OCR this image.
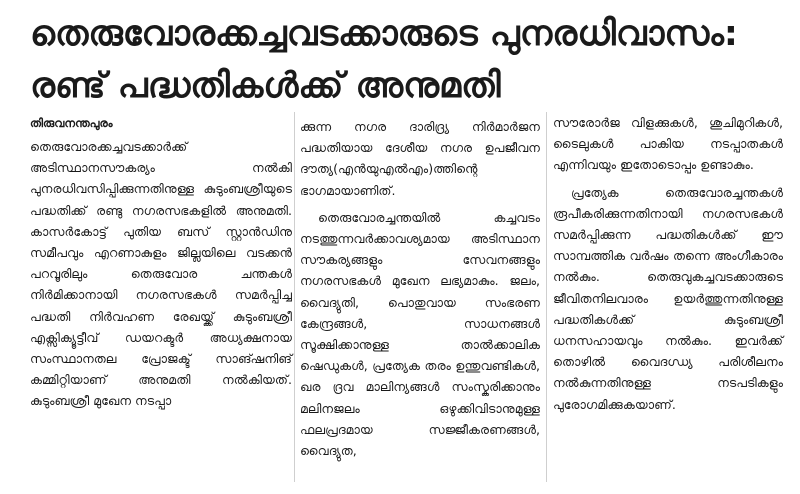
തെരുവോരക്കച്ചവടക്കാരുടെ പുനരധിവാസം:
രണ്ട് പദ്ധതികൾക്ക് അനുമതി
തിരുവനന്തപുരം

തെരുവോരക്കച്ചവടക്കാർക്ക് അടിസ്ഥാനസൗകര്യം നൽകി പുനരധിവസിപ്പിക്കുന്നതിനുള്ള കുടുംബശ്രീയുടെ പദ്ധതിക്ക് രണ്ടു നഗരസഭകളിൽ അനുമതി. കാസർകോട്ട് പുതിയ ബസ് സ്റ്റാൻഡിനു സമീപവും എറണാകുളം ജില്ലയിലെ വടക്കൻ പറവൂരിലും തെരുവോര ചന്തകൾ നിർമിക്കാനായി നഗരസഭകൾ സമർപ്പിച്ച പദ്ധതി നിർവഹണ രേഖയ്ക്ക് കുടുംബശ്രീ എക്സിക്യൂട്ടീവ് ഡയറക്ടർ അധ്യക്ഷനായ സംസ്ഥാനതല പ്രോജക്ട് സാങ്ഷനിങ് കമ്മിറ്റിയാണ് അനുമതി നൽകിയത്. കുടുംബശ്രീ മുഖേന നടപ്പാ

ക്കുന്ന നഗര ദാരിദ്ര്യ നിർമാർജന പദ്ധതിയായ ദേശീയ നഗര ഉപജീവന ദൗത്യ(എൻയുഎൽഎം)ത്തിന്റെ ഭാഗമായാണിത്.

തെരുവോരച്ചന്തയിൽ കച്ചവടം നടത്തുന്നവർക്കാവശ്യമായ അടിസ്ഥാന സൗകര്യങ്ങളും സേവനങ്ങളും നഗരസഭകൾ മുഖേന ലഭ്യമാകും. ജലം, വൈദ്യുതി, പൊതുവായ സംഭരണ കേന്ദ്രങ്ങൾ, സാധനങ്ങൾ സൂക്ഷിക്കാനുള്ള താൽക്കാലിക ഷെഡുകൾ, പ്രത്യേക തരം ഉന്തുവണ്ടികൾ, ഖര ദ്രവ മാലിന്യങ്ങൾ സംസ്കരിക്കാനും മലിനജലം ഒഴുക്കിവിടാനുമുള്ള ഫലപ്രദമായ സജ്ജീകരണങ്ങൾ, വൈദ്യുത,

സൗരോർജ വിളക്കുകൾ, ശുചിമുറികൾ, ടൈലുകൾ പാകിയ നടപ്പാതകൾ എന്നിവയും ഇതോടൊപ്പം ഉണ്ടാകും.

പ്രത്യേക തെരുവോരച്ചന്തകൾ രൂപീകരിക്കുന്നതിനായി നഗരസഭകൾ സമർപ്പിക്കുന്ന പദ്ധതികൾക്ക് ഈ സാമ്പത്തിക വർഷം തന്നെ അംഗീകാരം നൽകും. തെരുവുകച്ചവടക്കാരുടെ ജീവിതനിലവാരം ഉയർത്തുന്നതിനുള്ള പദ്ധതികൾക്ക് കുടുംബശ്രീ ധനസഹായവും നൽകും. ഇവർക്ക് തൊഴിൽ വൈദഗ്ധ്യ പരിശീലനം നൽകുന്നതിനുള്ള നടപടികളും പുരോഗമിക്കുകയാണ്.
